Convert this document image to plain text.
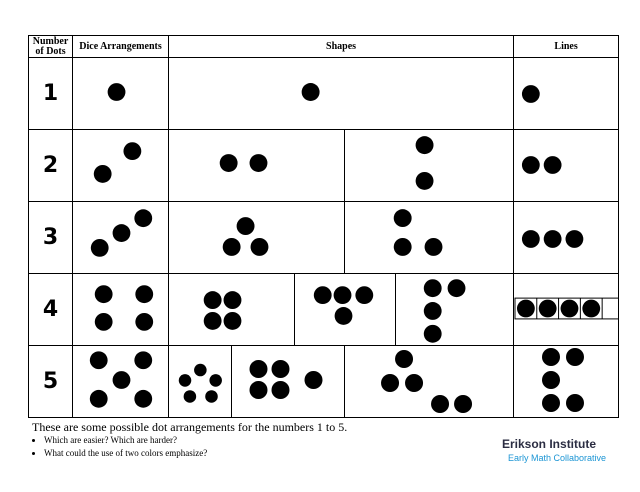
Number of Dots	Dice Arrangements	Shapes					Lines	
1	

2	

3	

4	

5	

These are some possible dot arrangements for the numbers 1 to 5.
• Which are easier? Which are harder?
• What could the use of two colors emphasize?
Erikson Institute
Early Math Collaborative
